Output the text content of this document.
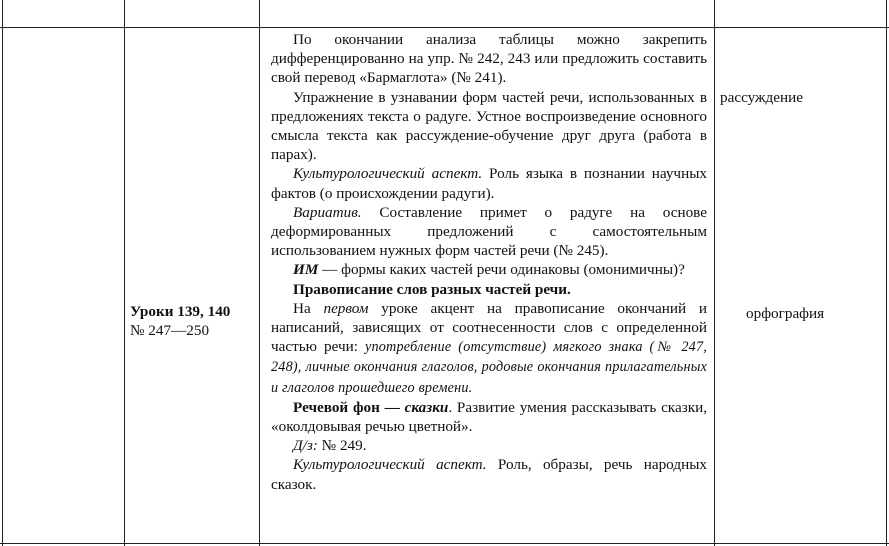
Уроки 139, 140
№ 247—250

По окончании анализа таблицы можно закрепить дифференцированно на упр. № 242, 243 или предложить составить свой перевод «Бармаглота» (№ 241).

Упражнение в узнавании форм частей речи, использованных в предложениях текста о радуге. Устное воспроизведение основного смысла текста как рассуждение-обучение друг друга (работа в парах).

Культурологический аспект. Роль языка в познании научных фактов (о происхождении радуги).

Вариатив. Составление примет о радуге на основе деформированных предложений с самостоятельным использованием нужных форм частей речи (№ 245).

ИМ — формы каких частей речи одинаковы (омонимичны)?

Правописание слов разных частей речи.

На первом уроке акцент на правописание окончаний и написаний, зависящих от соотнесенности слов с определенной частью речи: употребление (отсутствие) мягкого знака (№ 247, 248), личные окончания глаголов, родовые окончания прилагательных и глаголов прошедшего времени.

Речевой фон — сказки. Развитие умения рассказывать сказки, «околдовывая речью цветной».

Д/з: № 249.

Культурологический аспект. Роль, образы, речь народных сказок.

рассуждение
орфография
